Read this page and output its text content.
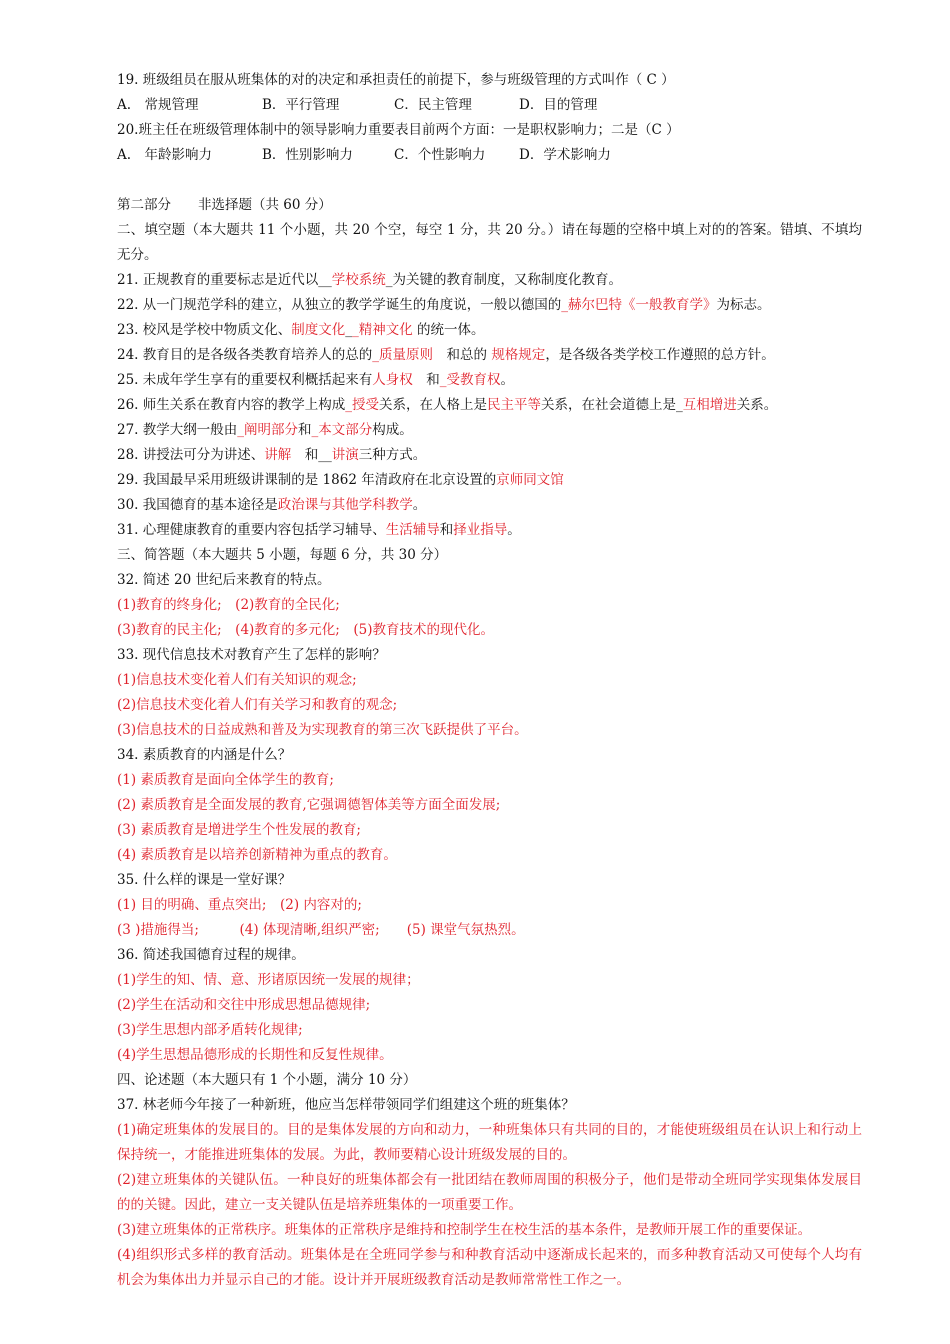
19. 班级组员在服从班集体的对的决定和承担责任的前提下，参与班级管理的方式叫作（ C ）
A.　常规管理	B．平行管理	C．民主管理	D．目的管理
20.班主任在班级管理体制中的领导影响力重要表目前两个方面：一是职权影响力；二是（C ）
A.　年龄影响力	B．性别影响力	C．个性影响力	D．学术影响力
第二部分　　非选择题（共 60 分）
二、填空题（本大题共 11 个小题，共 20 个空，每空 1 分，共 20 分。）请在每题的空格中填上对的的答案。错填、不填均无分。
21. 正规教育的重要标志是近代以__学校系统_为关键的教育制度，又称制度化教育。
22. 从一门规范学科的建立，从独立的教学学诞生的角度说，一般以德国的_赫尔巴特《一般教育学》为标志。
23. 校风是学校中物质文化、制度文化__精神文化 的统一体。
24. 教育目的是各级各类教育培养人的总的_质量原则　和总的 规格规定，是各级各类学校工作遵照的总方针。
25. 未成年学生享有的重要权利概括起来有人身权　和_受教育权。
26. 师生关系在教育内容的教学上构成_授受关系，在人格上是民主平等关系，在社会道德上是_互相增进关系。
27. 教学大纲一般由_阐明部分和_本文部分构成。
28. 讲授法可分为讲述、讲解　和__讲演三种方式。
29. 我国最早采用班级讲课制的是 1862 年清政府在北京设置的京师同文馆
30. 我国德育的基本途径是政治课与其他学科教学。
31. 心理健康教育的重要内容包括学习辅导、生活辅导和择业指导。
三、简答题（本大题共 5 小题，每题 6 分，共 30 分）
32. 简述 20 世纪后来教育的特点。
(1)教育的终身化;　(2)教育的全民化;
(3)教育的民主化;　(4)教育的多元化;　(5)教育技术的现代化。
33. 现代信息技术对教育产生了怎样的影响？
(1)信息技术变化着人们有关知识的观念;
(2)信息技术变化着人们有关学习和教育的观念;
(3)信息技术的日益成熟和普及为实现教育的第三次飞跃提供了平台。
34. 素质教育的内涵是什么？
(1) 素质教育是面向全体学生的教育;
(2) 素质教育是全面发展的教育,它强调德智体美等方面全面发展;
(3) 素质教育是增进学生个性发展的教育;
(4) 素质教育是以培养创新精神为重点的教育。
35. 什么样的课是一堂好课？
(1) 目的明确、重点突出;　(2) 内容对的;
(3 )措施得当;　　　(4) 体现清晰,组织严密;　　(5) 课堂气氛热烈。
36. 简述我国德育过程的规律。
(1)学生的知、情、意、形诸原因统一发展的规律；
(2)学生在活动和交往中形成思想品德规律;
(3)学生思想内部矛盾转化规律;
(4)学生思想品德形成的长期性和反复性规律。
四、论述题（本大题只有 1 个小题，满分 10 分）
37. 林老师今年接了一种新班，他应当怎样带领同学们组建这个班的班集体？
(1)确定班集体的发展目的。目的是集体发展的方向和动力，一种班集体只有共同的目的，才能使班级组员在认识上和行动上保持统一，才能推进班集体的发展。为此，教师要精心设计班级发展的目的。
(2)建立班集体的关键队伍。一种良好的班集体都会有一批团结在教师周围的积极分子，他们是带动全班同学实现集体发展目的的关键。因此，建立一支关键队伍是培养班集体的一项重要工作。
(3)建立班集体的正常秩序。班集体的正常秩序是维持和控制学生在校生活的基本条件，是教师开展工作的重要保证。
(4)组织形式多样的教育活动。班集体是在全班同学参与和种教育活动中逐渐成长起来的，而多种教育活动又可使每个人均有机会为集体出力并显示自己的才能。设计并开展班级教育活动是教师常常性工作之一。
